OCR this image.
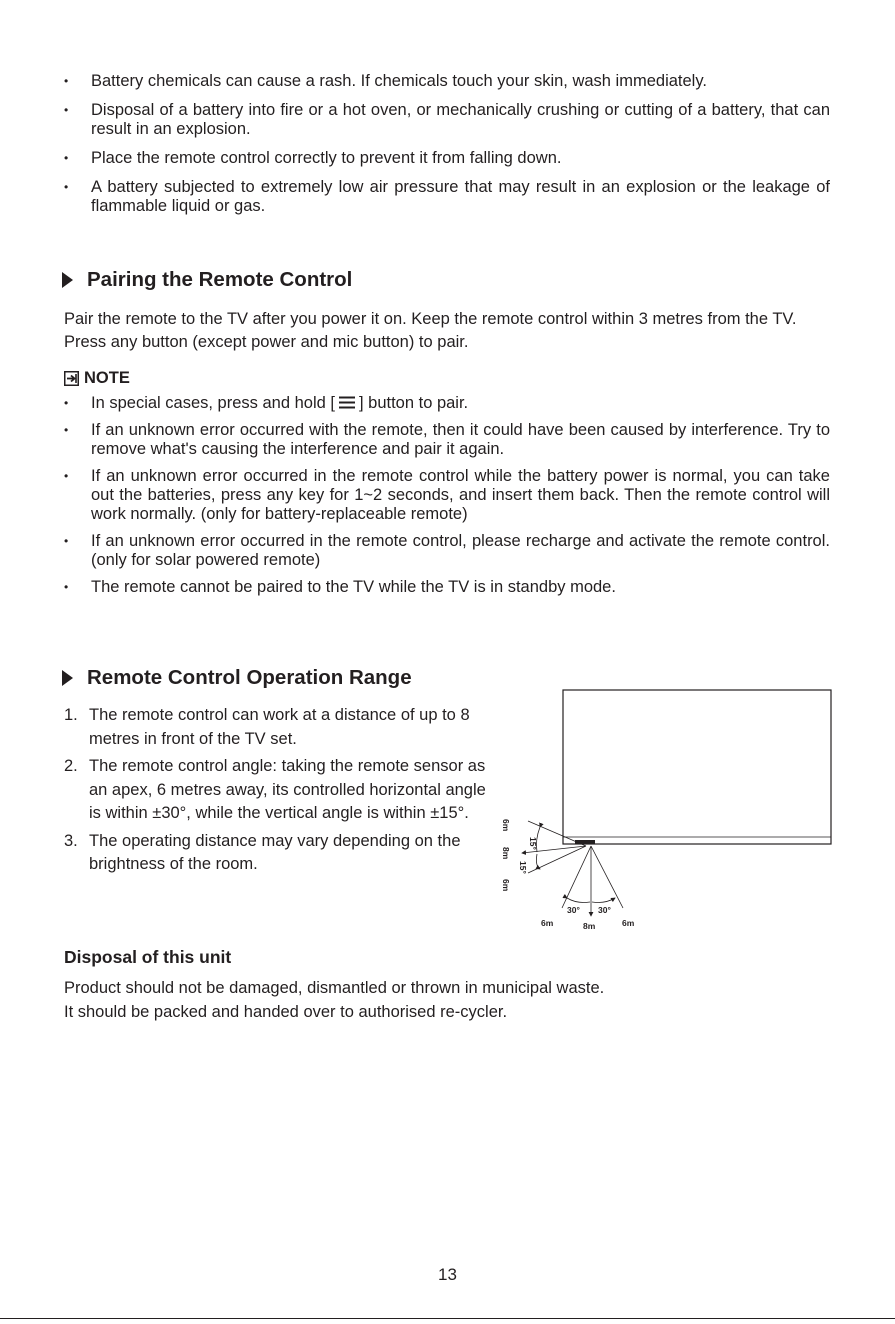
• Battery chemicals can cause a rash. If chemicals touch your skin, wash immediately.
• Disposal of a battery into fire or a hot oven, or mechanically crushing or cutting of a battery, that can result in an explosion.
• Place the remote control correctly to prevent it from falling down.
• A battery subjected to extremely low air pressure that may result in an explosion or the leakage of flammable liquid or gas.
Pairing the Remote Control

Pair the remote to the TV after you power it on. Keep the remote control within 3 metres from the TV. Press any button (except power and mic button) to pair.

NOTE
• In special cases, press and hold [ ] button to pair.
• If an unknown error occurred with the remote, then it could have been caused by interference. Try to remove what's causing the interference and pair it again.
• If an unknown error occurred in the remote control while the battery power is normal, you can take out the batteries, press any key for 1~2 seconds, and insert them back. Then the remote control will work normally. (only for battery-replaceable remote)
• If an unknown error occurred in the remote control, please recharge and activate the remote control. (only for solar powered remote)
• The remote cannot be paired to the TV while the TV is in standby mode.
Remote Control Operation Range
1. The remote control can work at a distance of up to 8 metres in front of the TV set.
2. The remote control angle: taking the remote sensor as an apex, 6 metres away, its controlled horizontal angle is within ±30°, while the vertical angle is within ±15°.
3. The operating distance may vary depending on the brightness of the room.
6m
15°
8m
15°
6m
30° 30°
6m	8m	6m
Disposal of this unit

Product should not be damaged, dismantled or thrown in municipal waste.

It should be packed and handed over to authorised re-cycler.

13
